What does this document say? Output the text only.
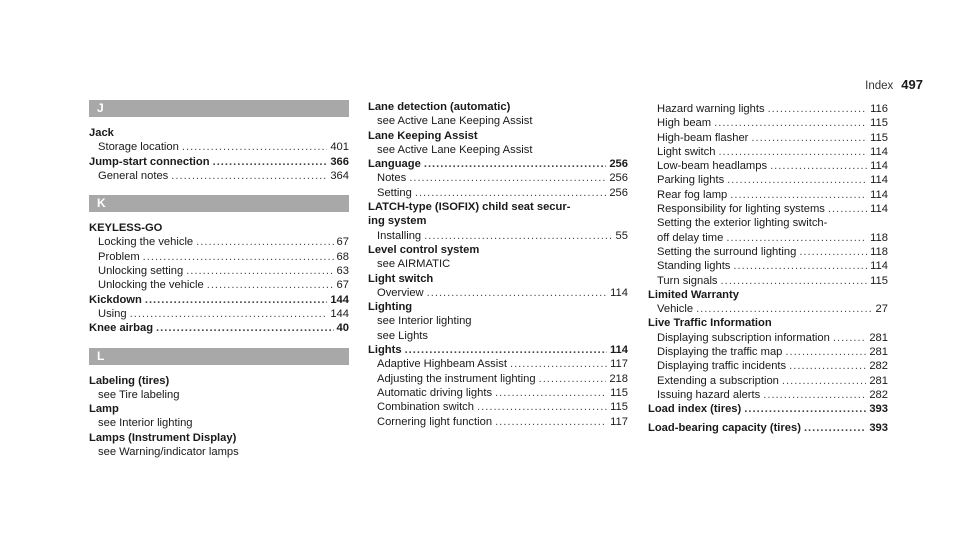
Index 497
J
Jack
Storage location .....	401
Jump-start connection .....	366
General notes .....	364
K
KEYLESS-GO
Locking the vehicle .....	67
Problem .....	68
Unlocking setting .....	63
Unlocking the vehicle .....	67
Kickdown .....	144
Using .....	144
Knee airbag .....	40
L
Labeling (tires)
see Tire labeling
Lamp
see Interior lighting
Lamps (Instrument Display)
see Warning/indicator lamps
Lane detection (automatic)
see Active Lane Keeping Assist
Lane Keeping Assist
see Active Lane Keeping Assist
Language .....	256
Notes .....	256
Setting .....	256
LATCH-type (ISOFIX) child seat secur-
ing system
Installing .....	55
Level control system
see AIRMATIC
Light switch
Overview .....	114
Lighting
see Interior lighting
see Lights
Lights .....	114
Adaptive Highbeam Assist .....	117
Adjusting the instrument lighting .....	218
Automatic driving lights .....	115
Combination switch .....	115
Cornering light function .....	117
Hazard warning lights .....	116
High beam .....	115
High-beam flasher .....	115
Light switch .....	114
Low-beam headlamps .....	114
Parking lights .....	114
Rear fog lamp .....	114
Responsibility for lighting systems .....	114
Setting the exterior lighting switch-
off delay time .....	118
Setting the surround lighting .....	118
Standing lights .....	114
Turn signals .....	115
Limited Warranty
Vehicle .....	27
Live Traffic Information
Displaying subscription information .....	281
Displaying the traffic map .....	281
Displaying traffic incidents .....	282
Extending a subscription .....	281
Issuing hazard alerts .....	282
Load index (tires) .....	393
Load-bearing capacity (tires) .....	393
